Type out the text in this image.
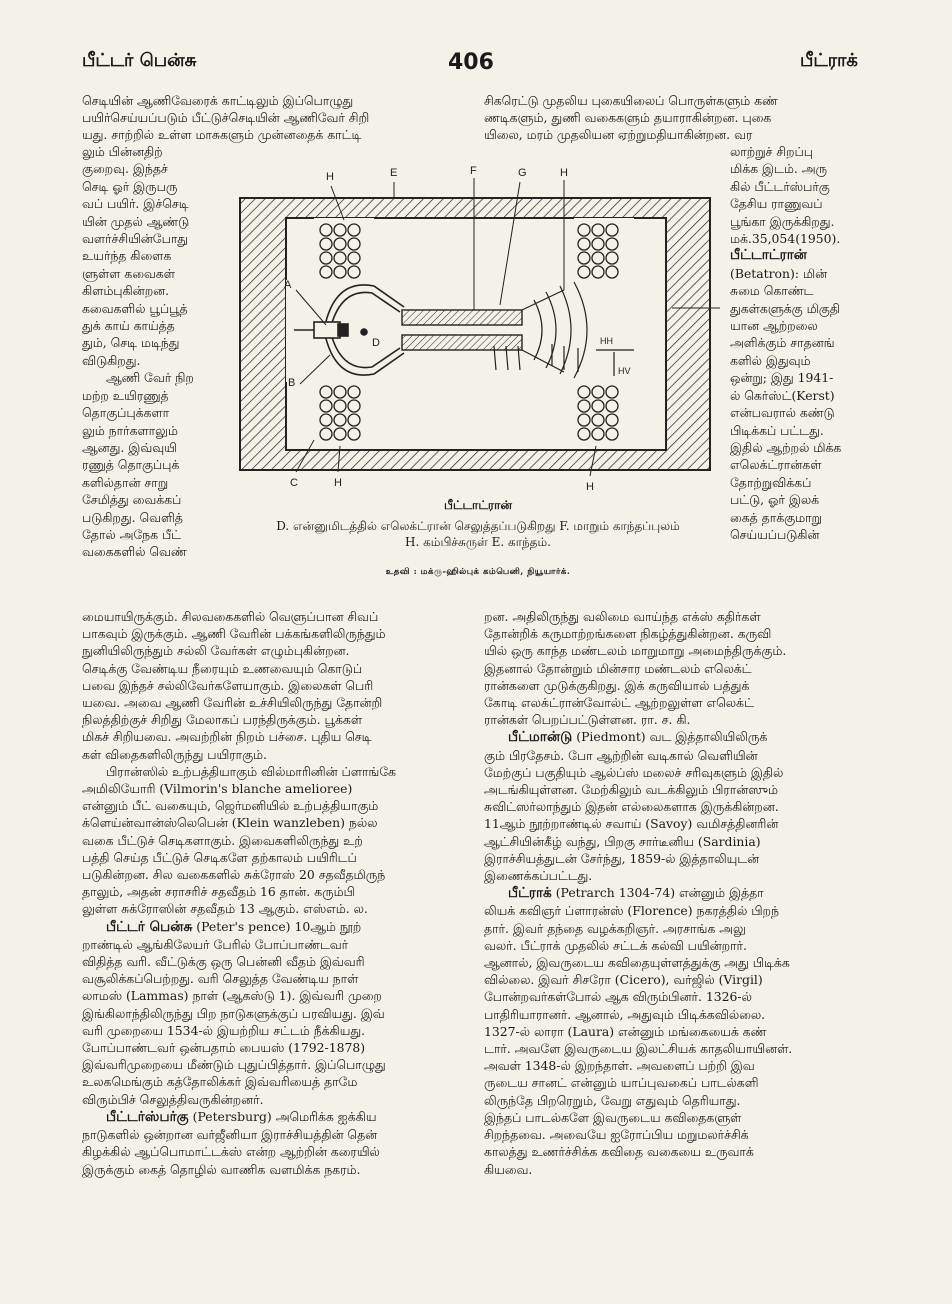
பீட்டர் பென்சு	406	பீட்ராக்

செடியின் ஆணிவேரைக் காட்டிலும் இப்பொழுது

பயிர்செய்யப்படும் பீட்டுச்செடியின் ஆணிவேர் சிறி

யது. சாற்றில் உள்ள மாசுகளும் முன்னதைக் காட்டி

சிகரெட்டு முதலிய புகையிலைப் பொருள்களும் கண்

ணடிகளும், துணி வகைகளும் தயாராகின்றன. புகை

யிலை, மரம் முதலியன ஏற்றுமதியாகின்றன. வர

லும் பின்னதிற்

குறைவு. இந்தச்

செடி ஓர் இருபரு

வப் பயிர். இச்செடி

யின் முதல் ஆண்டு

வளர்ச்சியின்போது

உயர்ந்த கிளைக

ளுள்ள கவைகள்

கிளம்புகின்றன.

கவைகளில் பூப்பூத்

துக் காய் காய்த்த

தும், செடி மடிந்து

விடுகிறது.

ஆணி வேர் நிற

மற்ற உயிரணுத்

தொகுப்புக்களா

லும் நார்களாலும்

ஆனது. இவ்வுயி

ரணுத் தொகுப்புக்

களில்தான் சாறு

சேமித்து வைக்கப்

படுகிறது. வெளித்

தோல் அநேக பீட்

வகைகளில் வெண்

லாற்றுச் சிறப்பு

மிக்க இடம். அரு

கில் பீட்டர்ஸ்பர்கு

தேசிய ராணுவப்

பூங்கா இருக்கிறது.

மக்.35,054(1950).

பீட்டாட்ரான்

(Betatron): மின்

சுமை கொண்ட

துகள்களுக்கு மிகுதி

யான ஆற்றலை

அளிக்கும் சாதனங்

களில் இதுவும்

ஒன்று; இது 1941-

ல் கெர்ஸ்ட்(Kerst)

என்பவரால் கண்டு

பிடிக்கப் பட்டது.

இதில் ஆற்றல் மிக்க

எலெக்ட்ரான்கள்

தோற்றுவிக்கப்

பட்டு, ஓர் இலக்

கைத் தாக்குமாறு

செய்யப்படுகின்

H	E	F	G	H
A
D
B
C	H	H
HH
HV
பீட்டாட்ரான்
D. என்னுமிடத்தில் எலெக்ட்ரான் செலுத்தப்படுகிறது F. மாறும் காந்தப்புலம்
H. கம்பிச்சுருள் E. காந்தம்.
உதவி : மக்ரு-ஹில்புக் கம்பெனி, நியூயார்க்.

மையாயிருக்கும். சிலவகைகளில் வெளுப்பான சிவப்

பாகவும் இருக்கும். ஆணி வேரின் பக்கங்களிலிருந்தும்

நுனியிலிருந்தும் சல்லி வேர்கள் எழும்புகின்றன.

செடிக்கு வேண்டிய நீரையும் உணவையும் கொடுப்

பவை இந்தச் சல்லிவேர்களேயாகும். இலைகள் பெரி

யவை. அவை ஆணி வேரின் உச்சியிலிருந்து தோன்றி

நிலத்திற்குச் சிறிது மேலாகப் பரந்திருக்கும். பூக்கள்

மிகச் சிறியவை. அவற்றின் நிறம் பச்சை. புதிய செடி

கள் விதைகளிலிருந்து பயிராகும்.

பிரான்ஸில் உற்பத்தியாகும் வில்மாரினின் ப்ளாங்கே

அமிலியோரி (Vilmorin's blanche amelioree)

என்னும் பீட் வகையும், ஜெர்மனியில் உற்பத்தியாகும்

க்ளெய்ன்வான்ஸ்லெபென் (Klein wanzleben) நல்ல

வகை பீட்டுச் செடிகளாகும். இவைகளிலிருந்து உற்

பத்தி செய்த பீட்டுச் செடிகளே தற்காலம் பயிரிடப்

படுகின்றன. சில வகைகளில் சுக்ரோஸ் 20 சதவீதமிருந்

தாலும், அதன் சராசரிச் சதவீதம் 16 தான். கரும்பி

லுள்ள சுக்ரோஸின் சதவீதம் 13 ஆகும். எஸ்எம். ல.

பீட்டர் பென்சு (Peter's pence) 10ஆம் நூற்

றாண்டில் ஆங்கிலேயர் பேரில் போப்பாண்டவர்

விதித்த வரி. வீட்டுக்கு ஒரு பென்னி வீதம் இவ்வரி

வசூலிக்கப்பெற்றது. வரி செலுத்த வேண்டிய நாள்

லாமஸ் (Lammas) நாள் (ஆகஸ்டு 1). இவ்வரி முறை

இங்கிலாந்திலிருந்து பிற நாடுகளுக்குப் பரவியது. இவ்

வரி முறையை 1534-ல் இயற்றிய சட்டம் நீக்கியது.

போப்பாண்டவர் ஒன்பதாம் பையஸ் (1792-1878)

இவ்வரிமுறையை மீண்டும் புதுப்பித்தார். இப்பொழுது

உலகமெங்கும் கத்தோலிக்கர் இவ்வரியைத் தாமே

விரும்பிச் செலுத்திவருகின்றனர்.

பீட்டர்ஸ்பர்கு (Petersburg) அமெரிக்க ஐக்கிய

நாடுகளில் ஒன்றான வர்ஜீனியா இராச்சியத்தின் தென்

கிழக்கில் ஆப்பொமாட்டக்ஸ் என்ற ஆற்றின் கரையில்

இருக்கும் கைத் தொழில் வாணிக வளமிக்க நகரம்.

றன. அதிலிருந்து வலிமை வாய்ந்த எக்ஸ் கதிர்கள்

தோன்றிக் கருமாற்றங்களை நிகழ்த்துகின்றன. கருவி

யில் ஒரு காந்த மண்டலம் மாறுமாறு அமைந்திருக்கும்.

இதனால் தோன்றும் மின்சார மண்டலம் எலெக்ட்

ரான்களை முடுக்குகிறது. இக் கருவியால் பத்துக்

கோடி எலக்ட்ரான்வோல்ட் ஆற்றலுள்ள எலெக்ட்

ரான்கள் பெறப்பட்டுள்ளன. ரா. ச. கி.

பீட்மான்டு (Piedmont) வட இத்தாலியிலிருக்

கும் பிரதேசம். போ ஆற்றின் வடிகால் வெளியின்

மேற்குப் பகுதியும் ஆல்ப்ஸ் மலைச் சரிவுகளும் இதில்

அடங்கியுள்ளன. மேற்கிலும் வடக்கிலும் பிரான்ஸும்

சுவிட்ஸர்லாந்தும் இதன் எல்லைகளாக இருக்கின்றன.

11ஆம் நூற்றாண்டில் சவாய் (Savoy) வமிசத்தினரின்

ஆட்சியின்கீழ் வந்து, பிறகு சார்டீனிய (Sardinia)

இராச்சியத்துடன் சேர்ந்து, 1859-ல் இத்தாலியுடன்

இணைக்கப்பட்டது.

பீட்ராக் (Petrarch 1304-74) என்னும் இத்தா

லியக் கவிஞர் ப்ளாரன்ஸ் (Florence) நகரத்தில் பிறந்

தார். இவர் தந்தை வழக்கறிஞர். அரசாங்க அலு

வலர். பீட்ராக் முதலில் சட்டக் கல்வி பயின்றார்.

ஆனால், இவருடைய கவிதையுள்ளத்துக்கு அது பிடிக்க

வில்லை. இவர் சிசரோ (Cicero), வர்ஜில் (Virgil)

போன்றவர்கள்போல் ஆக விரும்பினர். 1326-ல்

பாதிரியாரானர். ஆனால், அதுவும் பிடிக்கவில்லை.

1327-ல் லாரா (Laura) என்னும் மங்கையைக் கண்

டார். அவளே இவருடைய இலட்சியக் காதலியாயினள்.

அவள் 1348-ல் இறந்தாள். அவளைப் பற்றி இவ

ருடைய சானட் என்னும் யாப்புவகைப் பாடல்களி

லிருந்தே பிறரெறும், வேறு எதுவும் தெரியாது.

இந்தப் பாடல்களே இவருடைய கவிதைகளுள்

சிறந்தவை. அவையே ஐரோப்பிய மறுமலர்ச்சிக்

காலத்து உணர்ச்சிக்க கவிதை வகையை உருவாக்

கியவை.
